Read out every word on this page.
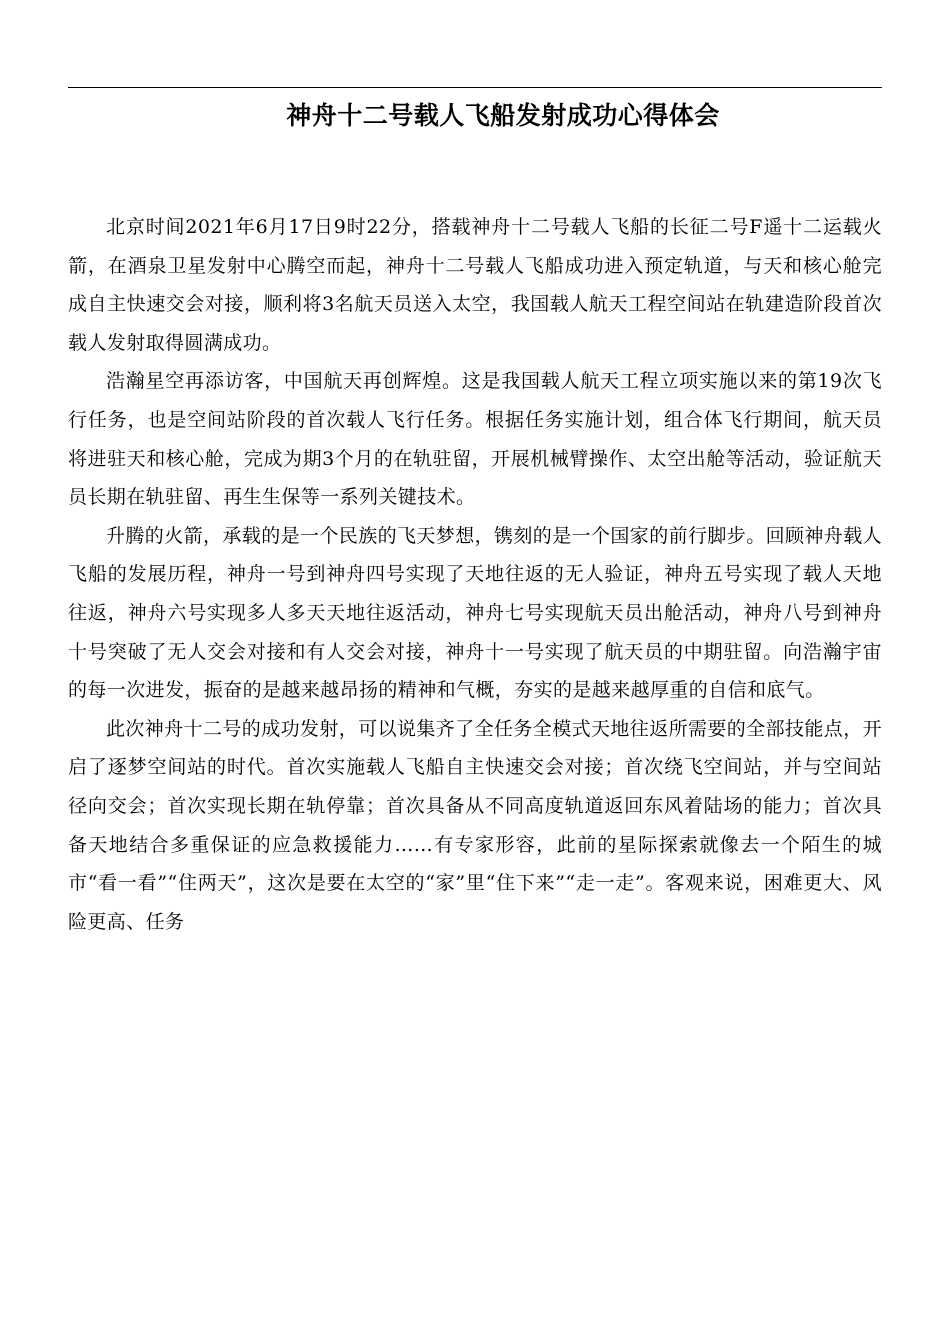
神舟十二号载人飞船发射成功心得体会

北京时间2021年6月17日9时22分，搭载神舟十二号载人飞船的长征二号F遥十二运载火箭，在酒泉卫星发射中心腾空而起，神舟十二号载人飞船成功进入预定轨道，与天和核心舱完成自主快速交会对接，顺利将3名航天员送入太空，我国载人航天工程空间站在轨建造阶段首次载人发射取得圆满成功。

浩瀚星空再添访客，中国航天再创辉煌。这是我国载人航天工程立项实施以来的第19次飞行任务，也是空间站阶段的首次载人飞行任务。根据任务实施计划，组合体飞行期间，航天员将进驻天和核心舱，完成为期3个月的在轨驻留，开展机械臂操作、太空出舱等活动，验证航天员长期在轨驻留、再生生保等一系列关键技术。

升腾的火箭，承载的是一个民族的飞天梦想，镌刻的是一个国家的前行脚步。回顾神舟载人飞船的发展历程，神舟一号到神舟四号实现了天地往返的无人验证，神舟五号实现了载人天地往返，神舟六号实现多人多天天地往返活动，神舟七号实现航天员出舱活动，神舟八号到神舟十号突破了无人交会对接和有人交会对接，神舟十一号实现了航天员的中期驻留。向浩瀚宇宙的每一次进发，振奋的是越来越昂扬的精神和气概，夯实的是越来越厚重的自信和底气。

此次神舟十二号的成功发射，可以说集齐了全任务全模式天地往返所需要的全部技能点，开启了逐梦空间站的时代。首次实施载人飞船自主快速交会对接；首次绕飞空间站，并与空间站径向交会；首次实现长期在轨停靠；首次具备从不同高度轨道返回东风着陆场的能力；首次具备天地结合多重保证的应急救援能力……有专家形容，此前的星际探索就像去一个陌生的城市“看一看”“住两天”，这次是要在太空的“家”里“住下来”“走一走”。客观来说，困难更大、风险更高、任务
